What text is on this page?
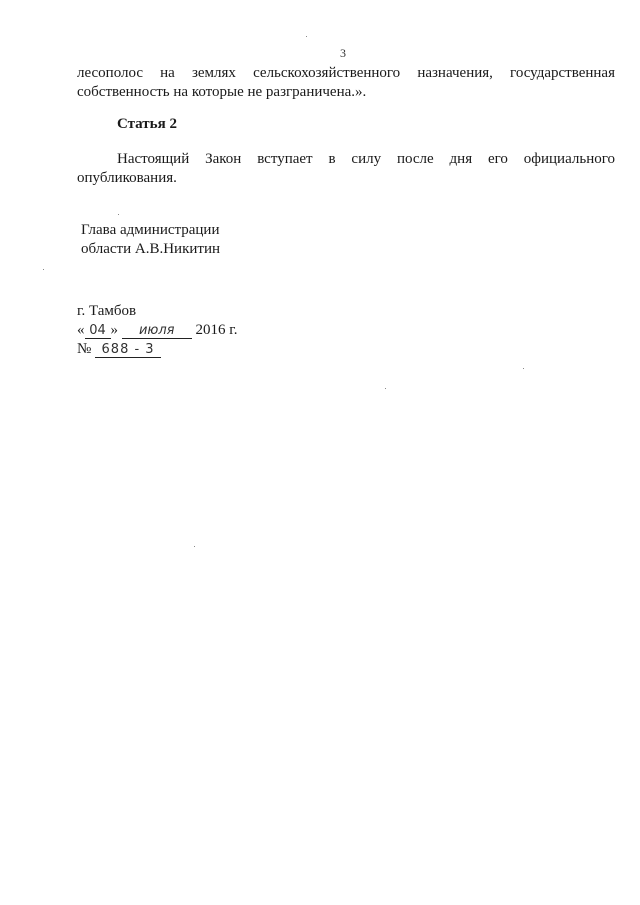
3

лесополос на землях сельскохозяйственного назначения, государственная собственность на которые не разграничена.».

Статья 2

Настоящий Закон вступает в силу после дня его официального опубликования.

Глава администрации
области А.В.Никитин
г. Тамбов
« 04 » июля 2016 г.
№ 688 - 3
